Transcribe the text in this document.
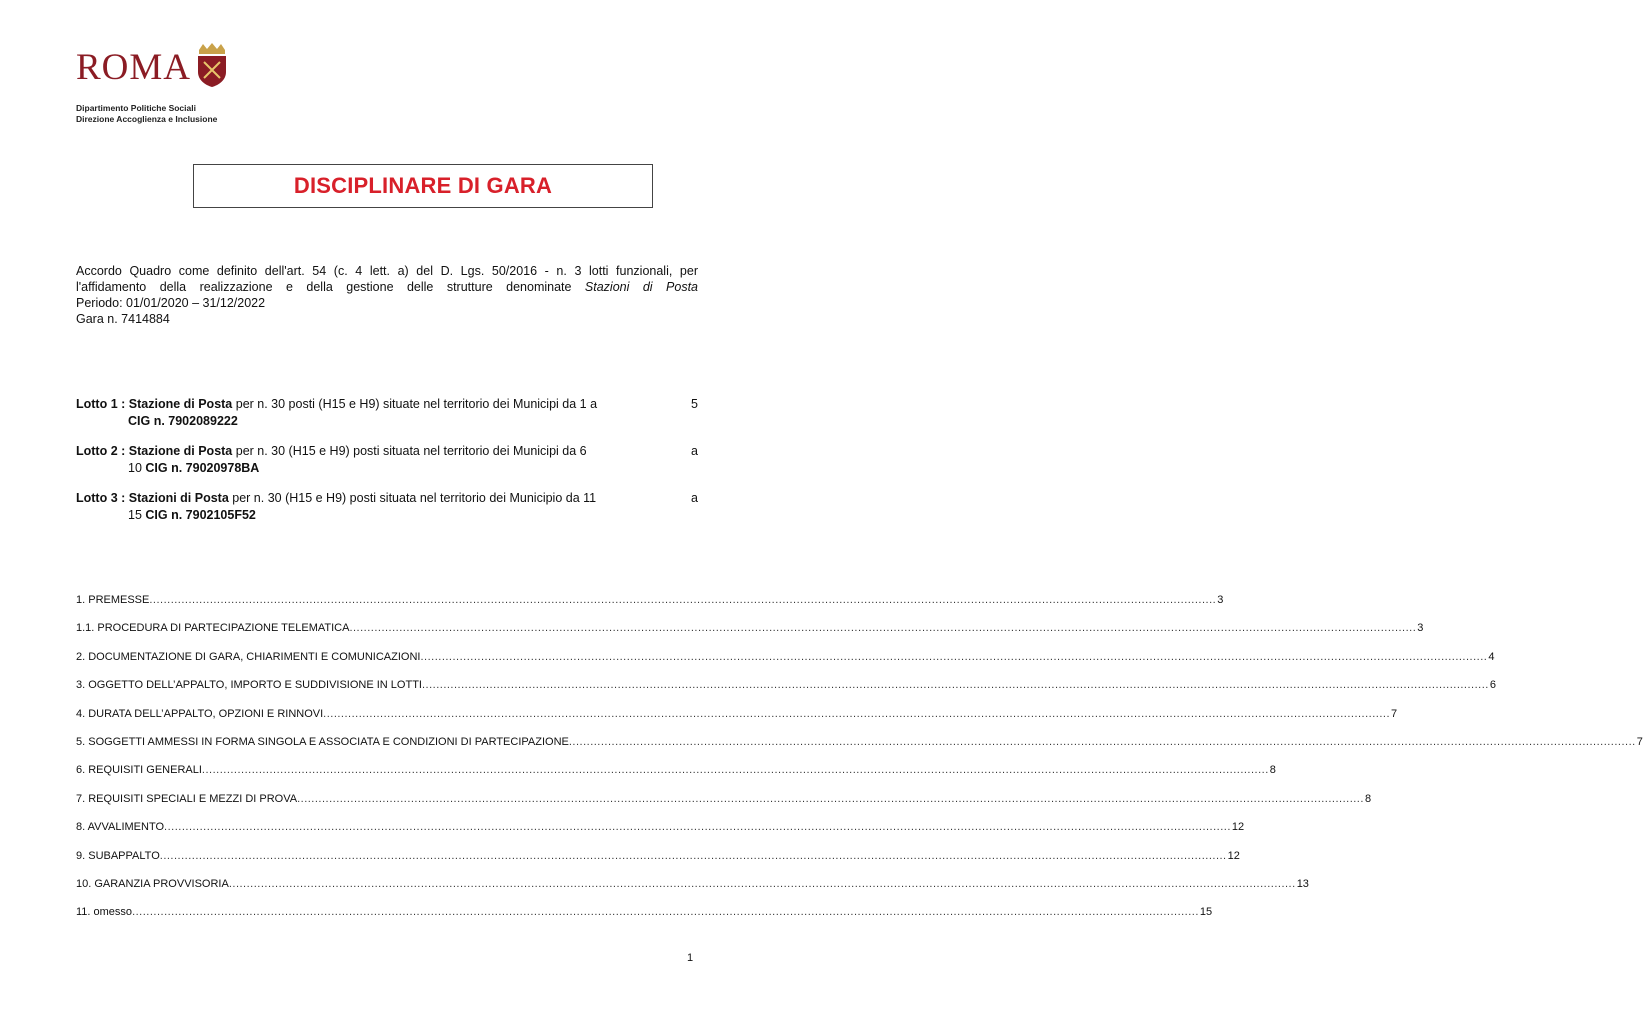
ROMA
Dipartimento Politiche Sociali
Direzione Accoglienza e Inclusione
DISCIPLINARE DI GARA
Accordo Quadro come definito dell'art. 54 (c. 4 lett. a) del D. Lgs. 50/2016 - n. 3 lotti funzionali, per
l'affidamento della realizzazione e della gestione delle strutture denominate Stazioni di Posta
Periodo: 01/01/2020 – 31/12/2022
Gara n. 7414884
Lotto 1 : Stazione di Posta per n. 30 posti (H15 e H9) situate nel territorio dei Municipi da 1 a	5
CIG n. 7902089222
Lotto 2 : Stazione di Posta per n. 30 (H15 e H9) posti situata nel territorio dei Municipi da 6	a
10 CIG n. 79020978BA
Lotto 3 : Stazioni di Posta per n. 30 (H15 e H9) posti situata nel territorio dei Municipio da 11	a
15 CIG n. 7902105F52
1. PREMESSE ............................................................................................................................................................................................................................................................................................................ 3
1.1. PROCEDURA DI PARTECIPAZIONE TELEMATICA ............................................................................................................................................................................................................................................................................................................ 3
2. DOCUMENTAZIONE DI GARA, CHIARIMENTI E COMUNICAZIONI ............................................................................................................................................................................................................................................................................................................ 4
3. OGGETTO DELL’APPALTO, IMPORTO E SUDDIVISIONE IN LOTTI ............................................................................................................................................................................................................................................................................................................ 6
4. DURATA DELL’APPALTO, OPZIONI E RINNOVI ............................................................................................................................................................................................................................................................................................................ 7
5. SOGGETTI AMMESSI IN FORMA SINGOLA E ASSOCIATA E CONDIZIONI DI PARTECIPAZIONE ............................................................................................................................................................................................................................................................................................................ 7
6. REQUISITI GENERALI ............................................................................................................................................................................................................................................................................................................ 8
7. REQUISITI SPECIALI E MEZZI DI PROVA ............................................................................................................................................................................................................................................................................................................ 8
8. AVVALIMENTO ............................................................................................................................................................................................................................................................................................................ 12
9. SUBAPPALTO ............................................................................................................................................................................................................................................................................................................ 12
10. GARANZIA PROVVISORIA ............................................................................................................................................................................................................................................................................................................ 13
11. omesso ............................................................................................................................................................................................................................................................................................................ 15
1
